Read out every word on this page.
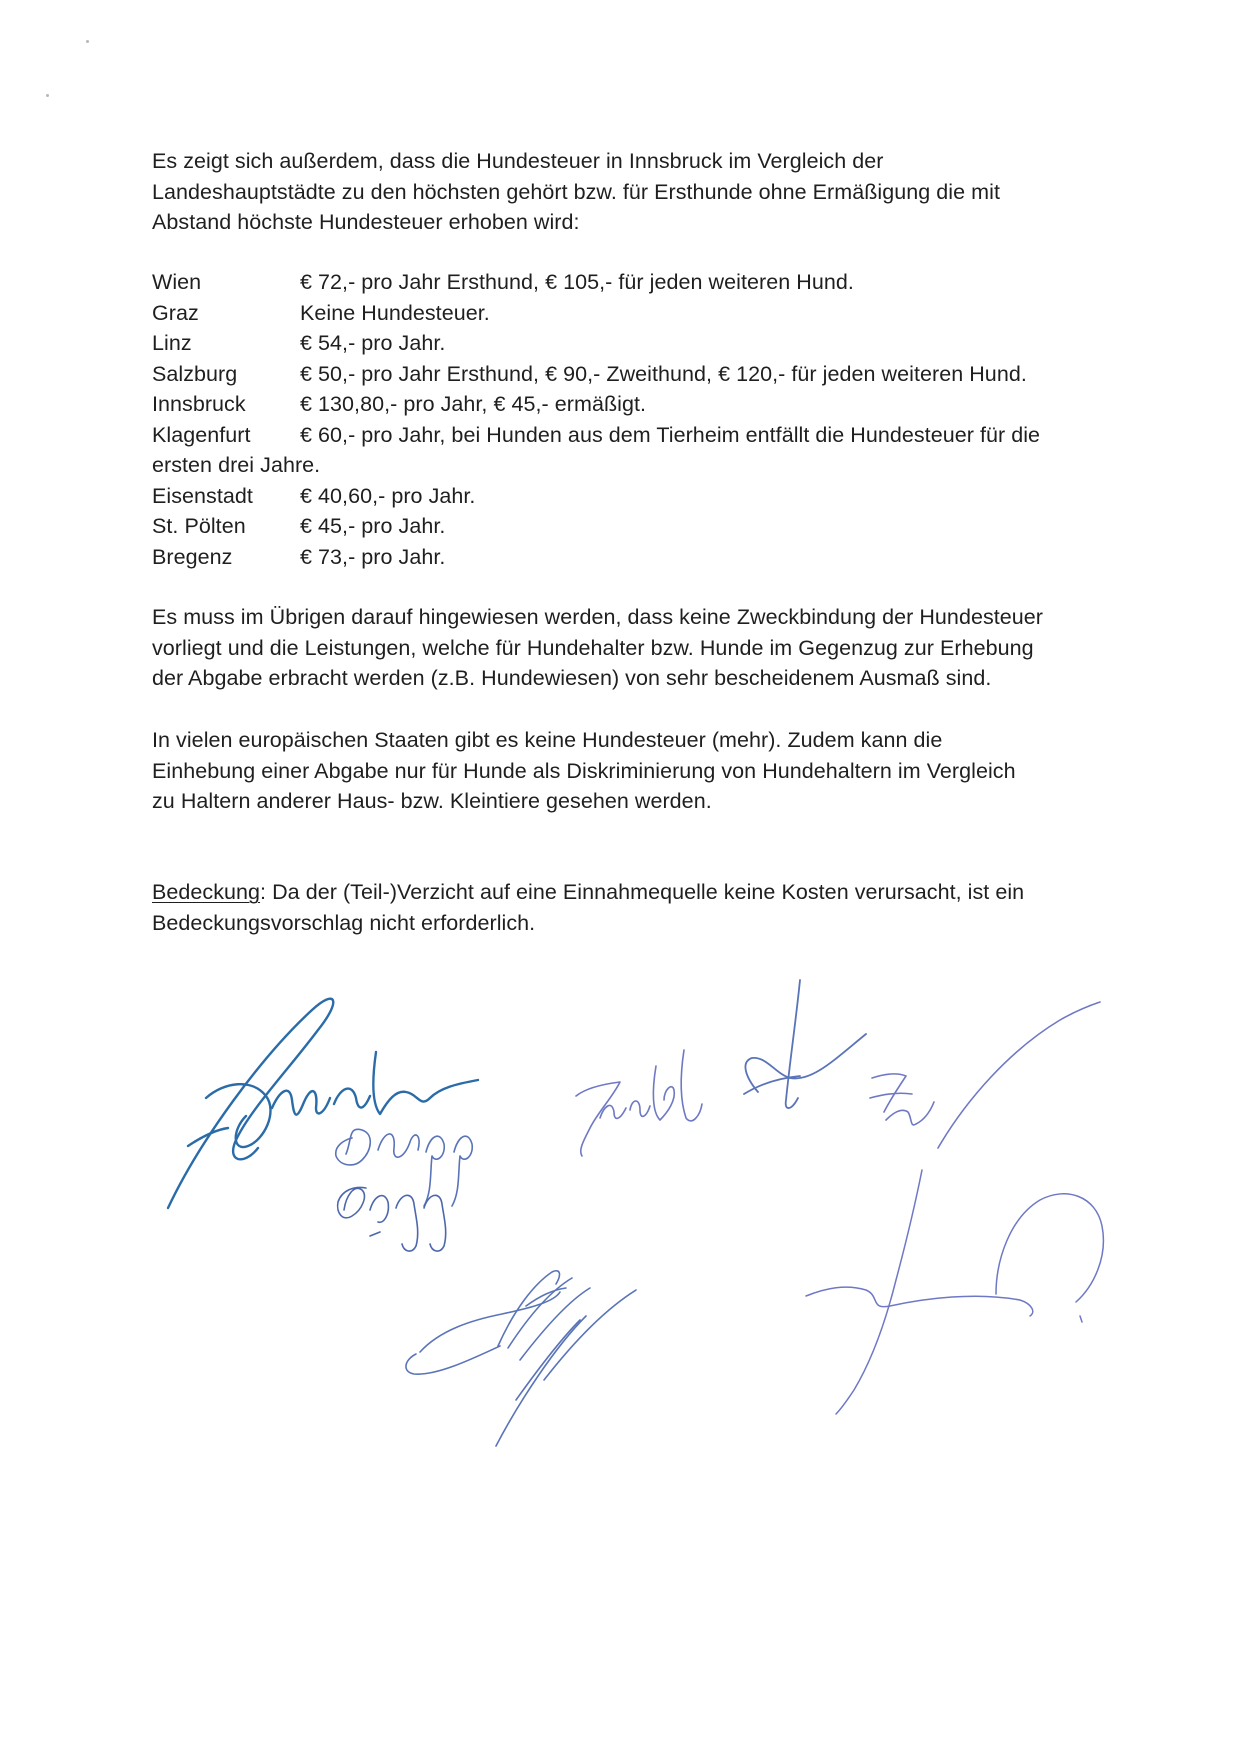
Es zeigt sich außerdem, dass die Hundesteuer in Innsbruck im Vergleich der

Landeshauptstädte zu den höchsten gehört bzw. für Ersthunde ohne Ermäßigung die mit

Abstand höchste Hundesteuer erhoben wird:

Wien	€ 72,- pro Jahr Ersthund, € 105,- für jeden weiteren Hund.
Graz	Keine Hundesteuer.
Linz	€ 54,- pro Jahr.
Salzburg	€ 50,- pro Jahr Ersthund, € 90,- Zweithund, € 120,- für jeden weiteren Hund.
Innsbruck	€ 130,80,- pro Jahr, € 45,- ermäßigt.
Klagenfurt	€ 60,- pro Jahr, bei Hunden aus dem Tierheim entfällt die Hundesteuer für die
ersten drei Jahre.
Eisenstadt	€ 40,60,- pro Jahr.
St. Pölten	€ 45,- pro Jahr.
Bregenz	€ 73,- pro Jahr.

Es muss im Übrigen darauf hingewiesen werden, dass keine Zweckbindung der Hundesteuer

vorliegt und die Leistungen, welche für Hundehalter bzw. Hunde im Gegenzug zur Erhebung

der Abgabe erbracht werden (z.B. Hundewiesen) von sehr bescheidenem Ausmaß sind.

In vielen europäischen Staaten gibt es keine Hundesteuer (mehr). Zudem kann die

Einhebung einer Abgabe nur für Hunde als Diskriminierung von Hundehaltern im Vergleich

zu Haltern anderer Haus- bzw. Kleintiere gesehen werden.

Bedeckung: Da der (Teil-)Verzicht auf eine Einnahmequelle keine Kosten verursacht, ist ein

Bedeckungsvorschlag nicht erforderlich.
